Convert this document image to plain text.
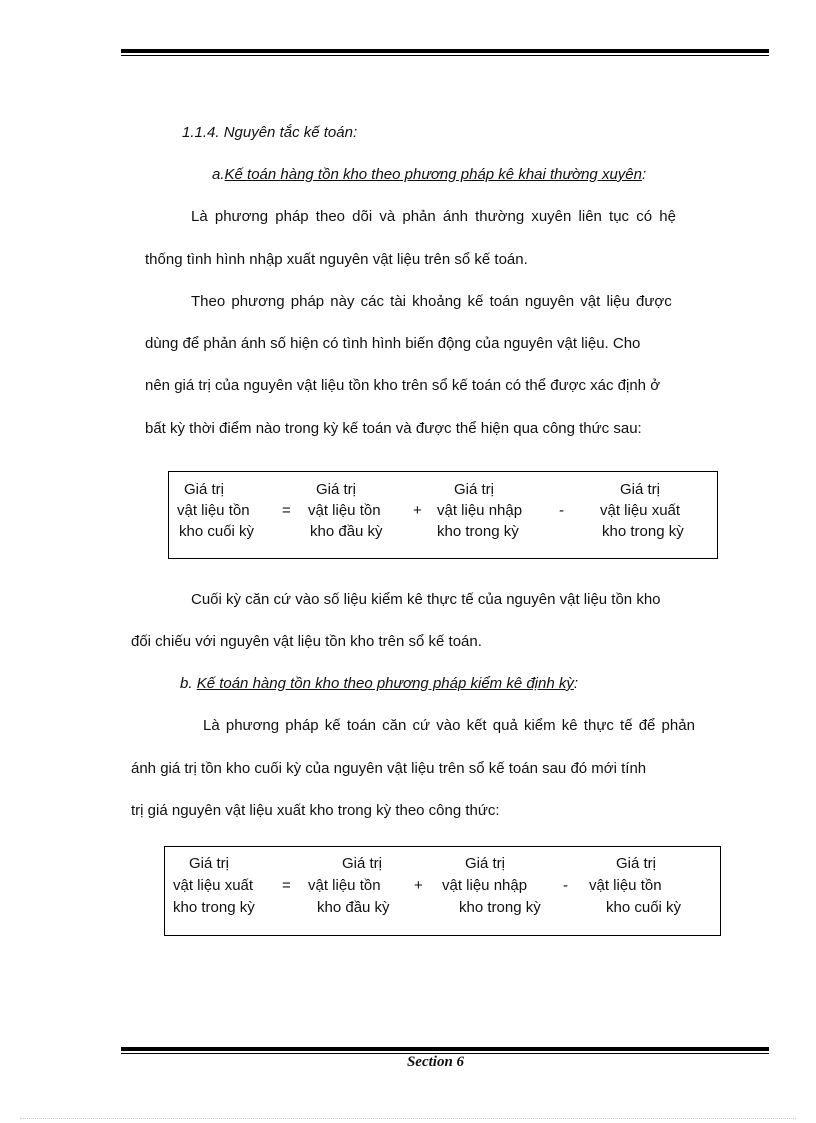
1.1.4. Nguyên tắc kế toán:
a.Kế toán hàng tồn kho theo phương pháp kê khai thường xuyên:
Là phương pháp theo dõi và phản ánh thường xuyên liên tục có hệ
thống tình hình nhập xuất nguyên vật liệu trên sổ kế toán.
Theo phương pháp này các tài khoảng kế toán nguyên vật liệu được
dùng để phản ánh số hiện có tình hình biến động của nguyên vật liệu. Cho
nên giá trị của nguyên vật liệu tồn kho trên sổ kế toán có thể được xác định ở
bất kỳ thời điểm nào trong kỳ kế toán và được thể hiện qua công thức sau:
Giá trị
vật liệu tồn
kho cuối kỳ
=
Giá trị
vật liệu tồn
kho đầu kỳ
+
Giá trị
vật liệu nhập
kho trong kỳ
-
Giá trị
vật liệu xuất
kho trong kỳ
Cuối kỳ căn cứ vào số liệu kiểm kê thực tế của nguyên vật liệu tồn kho
đối chiếu với nguyên vật liệu tồn kho trên sổ kế toán.
b. Kế toán hàng tồn kho theo phương pháp kiểm kê định kỳ:
Là phương pháp kế toán căn cứ vào kết quả kiểm kê thực tế để phản
ánh giá trị tồn kho cuối kỳ của nguyên vật liệu trên sổ kế toán sau đó mới tính
trị giá nguyên vật liệu xuất kho trong kỳ theo công thức:
Giá trị
vật liệu xuất
kho trong kỳ
=
Giá trị
vật liệu tồn
kho đầu kỳ
+
Giá trị
vật liệu nhập
kho trong kỳ
-
Giá trị
vật liệu tồn
kho cuối kỳ
Section 6
